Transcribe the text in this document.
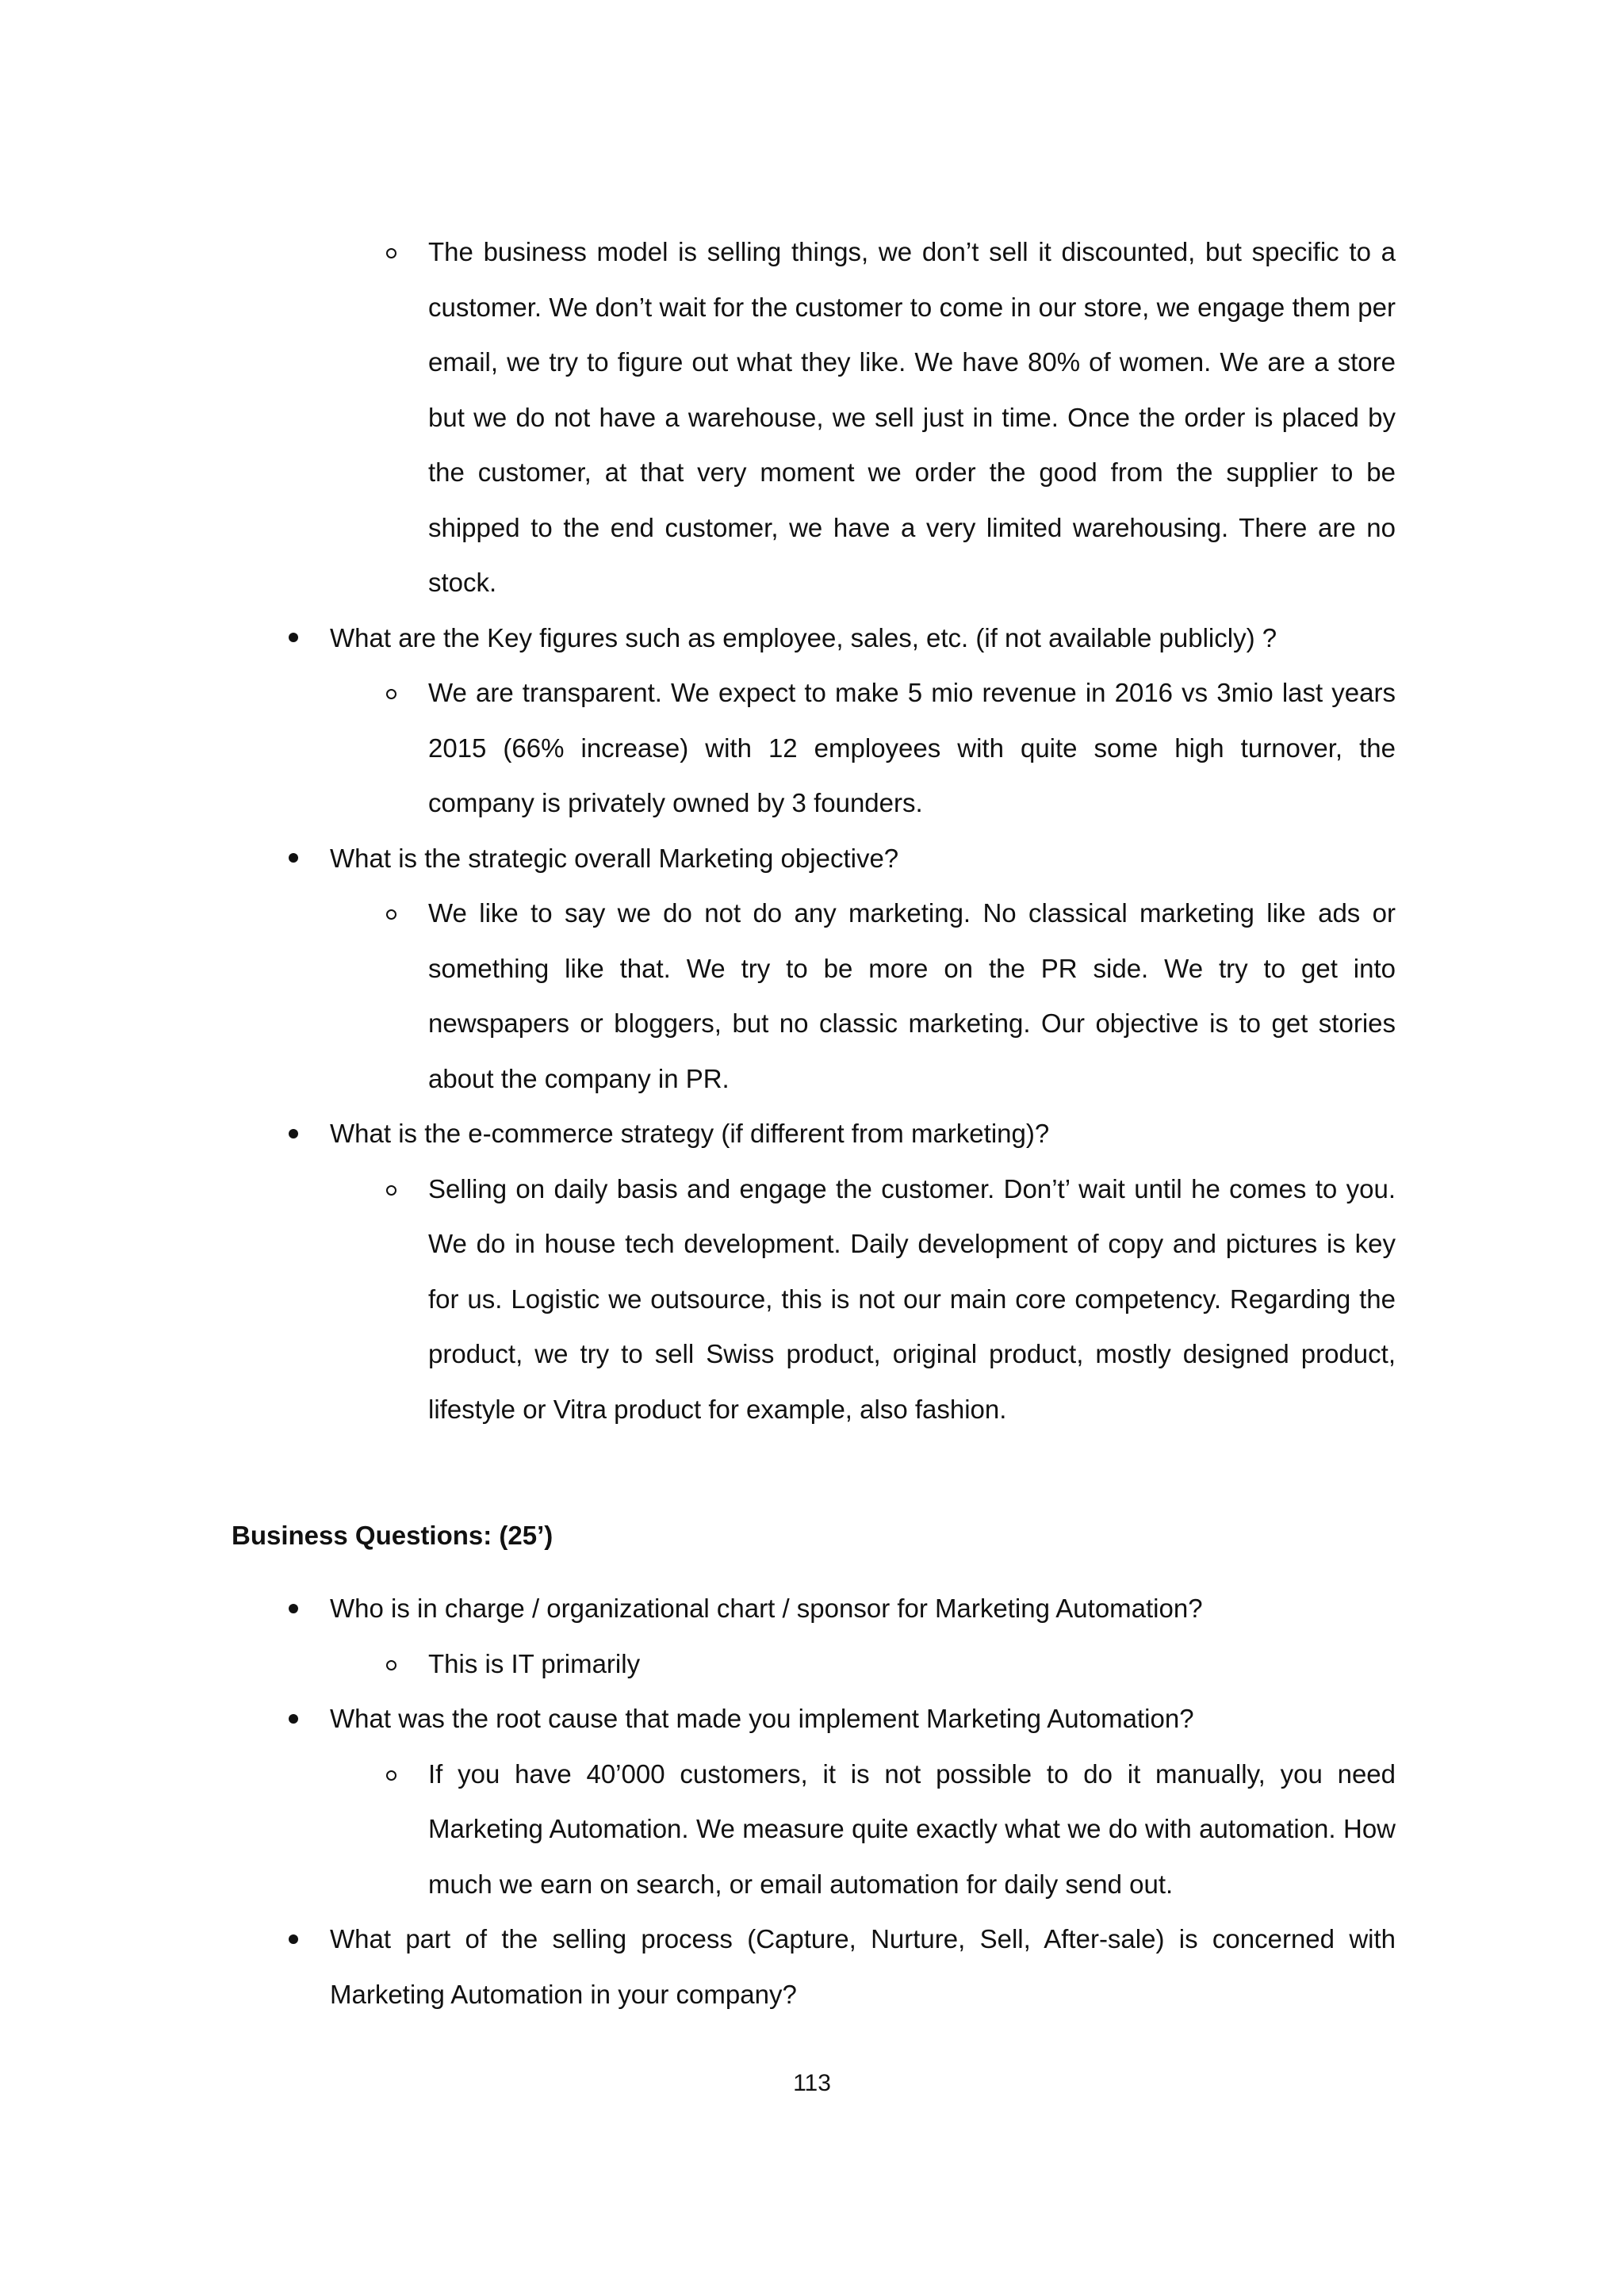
The business model is selling things, we don’t sell it discounted, but specific to a customer. We don’t wait for the customer to come in our store, we engage them per email, we try to figure out what they like. We have 80% of women. We are a store but we do not have a warehouse, we sell just in time. Once the order is placed by the customer, at that very moment we order the good from the supplier to be shipped to the end customer, we have a very limited warehousing. There are no stock.

What are the Key figures such as employee, sales, etc. (if not available publicly) ?

We are transparent. We expect to make 5 mio revenue in 2016 vs 3mio last years 2015 (66% increase) with 12 employees with quite some high turnover, the company is privately owned by 3 founders.

What is the strategic overall Marketing objective?

We like to say we do not do any marketing. No classical marketing like ads or something like that. We try to be more on the PR side. We try to get into newspapers or bloggers, but no classic marketing. Our objective is to get stories about the company in PR.

What is the e-commerce strategy (if different from marketing)?

Selling on daily basis and engage the customer. Don’t’ wait until he comes to you. We do in house tech development. Daily development of copy and pictures is key for us. Logistic we outsource, this is not our main core competency. Regarding the product, we try to sell Swiss product, original product, mostly designed product, lifestyle or Vitra product for example, also fashion.

Business Questions: (25’)

Who is in charge / organizational chart / sponsor for Marketing Automation?

This is IT primarily

What was the root cause that made you implement Marketing Automation?

If you have 40’000 customers, it is not possible to do it manually, you need Marketing Automation. We measure quite exactly what we do with automation. How much we earn on search, or email automation for daily send out.

What part of the selling process (Capture, Nurture, Sell, After-sale) is concerned with Marketing Automation in your company?

113
